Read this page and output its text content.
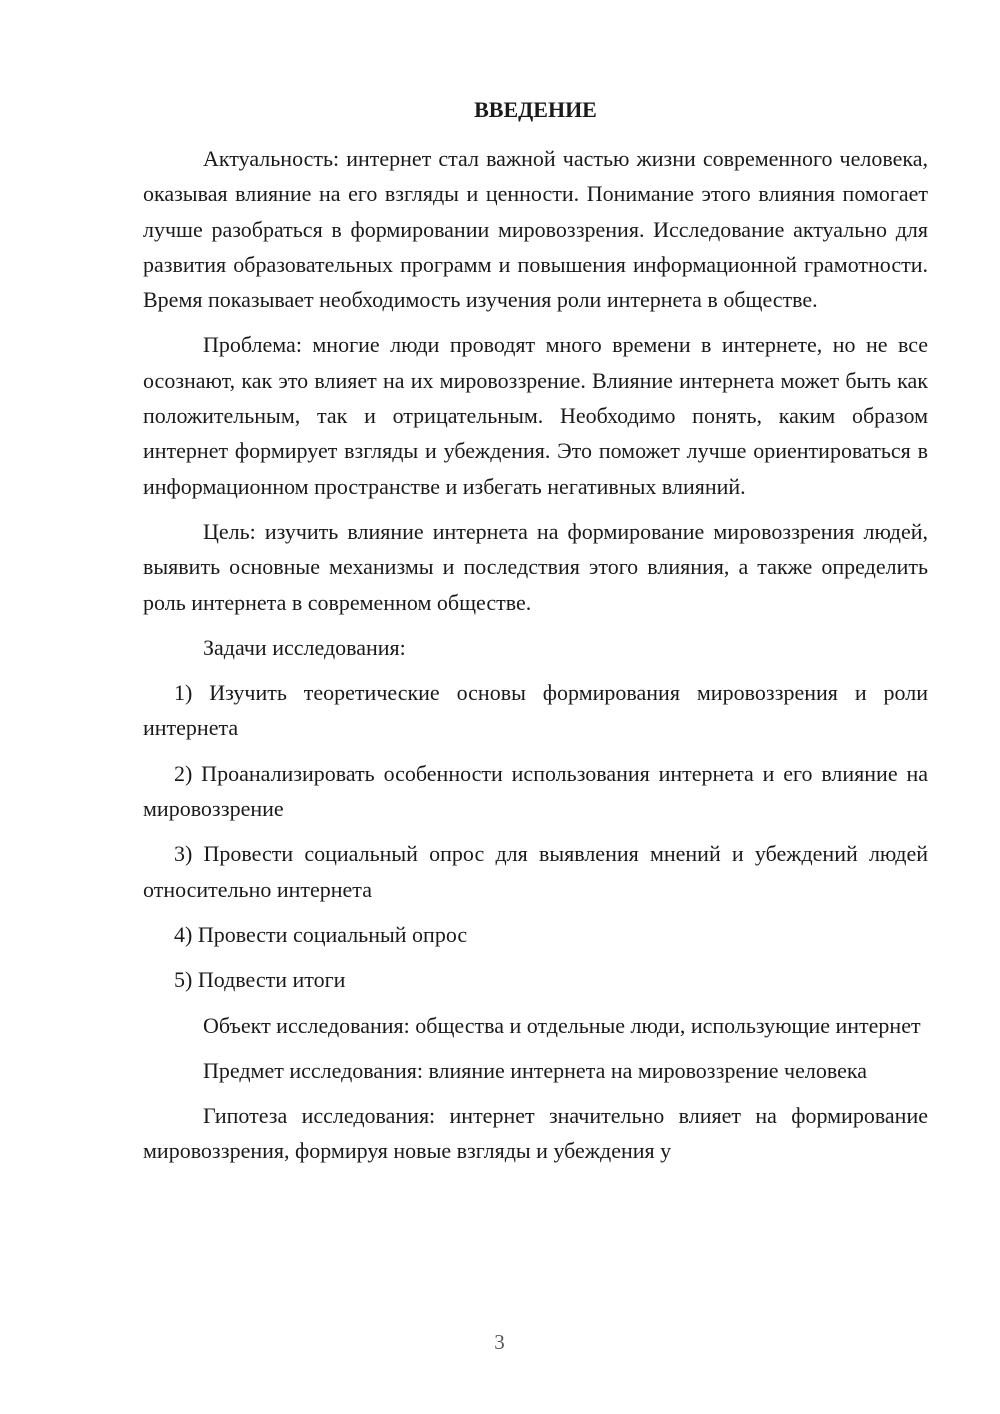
ВВЕДЕНИЕ

Актуальность: интернет стал важной частью жизни современного человека, оказывая влияние на его взгляды и ценности. Понимание этого влияния помогает лучше разобраться в формировании мировоззрения. Исследование актуально для развития образовательных программ и повышения информационной грамотности. Время показывает необходимость изучения роли интернета в обществе.

Проблема: многие люди проводят много времени в интернете, но не все осознают, как это влияет на их мировоззрение. Влияние интернета может быть как положительным, так и отрицательным. Необходимо понять, каким образом интернет формирует взгляды и убеждения. Это поможет лучше ориентироваться в информационном пространстве и избегать негативных влияний.

Цель: изучить влияние интернета на формирование мировоззрения людей, выявить основные механизмы и последствия этого влияния, а также определить роль интернета в современном обществе.

Задачи исследования:

1) Изучить теоретические основы формирования мировоззрения и роли интернета

2) Проанализировать особенности использования интернета и его влияние на мировоззрение

3) Провести социальный опрос для выявления мнений и убеждений людей относительно интернета

4) Провести социальный опрос

5) Подвести итоги

Объект исследования: общества и отдельные люди, использующие интернет

Предмет исследования: влияние интернета на мировоззрение человека

Гипотеза исследования: интернет значительно влияет на формирование мировоззрения, формируя новые взгляды и убеждения у

3
